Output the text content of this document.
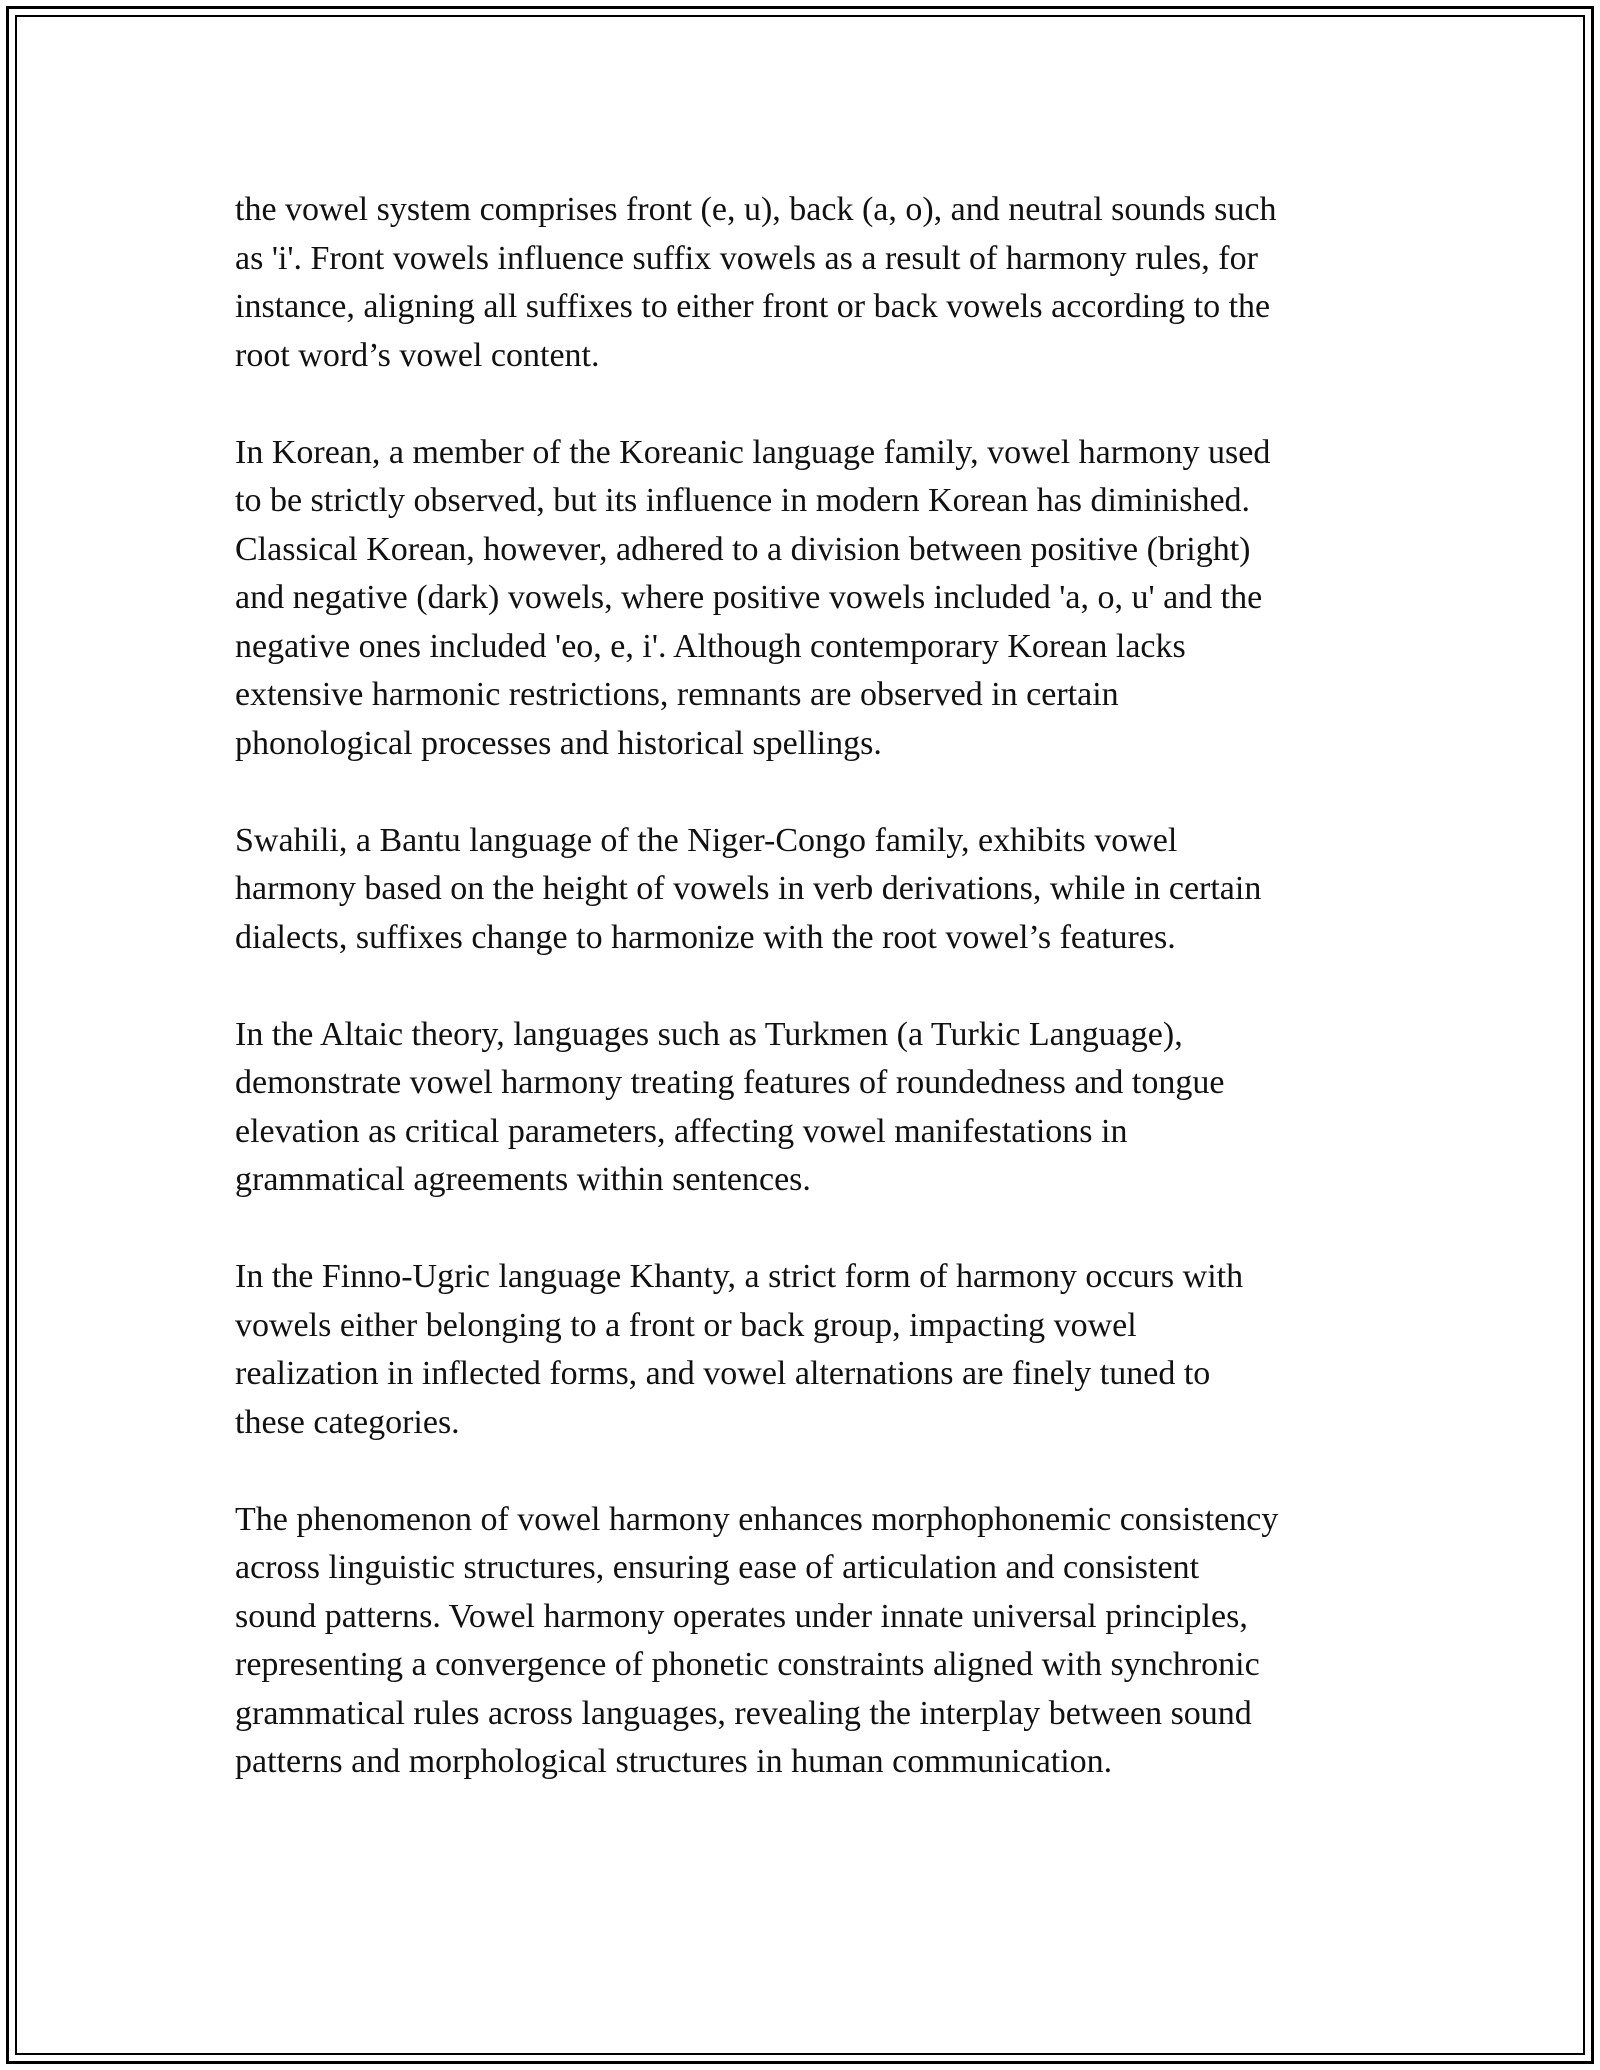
the vowel system comprises front (e, u), back (a, o), and neutral sounds such
as 'i'. Front vowels influence suffix vowels as a result of harmony rules, for
instance, aligning all suffixes to either front or back vowels according to the
root word’s vowel content.

In Korean, a member of the Koreanic language family, vowel harmony used
to be strictly observed, but its influence in modern Korean has diminished.
Classical Korean, however, adhered to a division between positive (bright)
and negative (dark) vowels, where positive vowels included 'a, o, u' and the
negative ones included 'eo, e, i'. Although contemporary Korean lacks
extensive harmonic restrictions, remnants are observed in certain
phonological processes and historical spellings.

Swahili, a Bantu language of the Niger-Congo family, exhibits vowel
harmony based on the height of vowels in verb derivations, while in certain
dialects, suffixes change to harmonize with the root vowel’s features.

In the Altaic theory, languages such as Turkmen (a Turkic Language),
demonstrate vowel harmony treating features of roundedness and tongue
elevation as critical parameters, affecting vowel manifestations in
grammatical agreements within sentences.

In the Finno-Ugric language Khanty, a strict form of harmony occurs with
vowels either belonging to a front or back group, impacting vowel
realization in inflected forms, and vowel alternations are finely tuned to
these categories.

The phenomenon of vowel harmony enhances morphophonemic consistency
across linguistic structures, ensuring ease of articulation and consistent
sound patterns. Vowel harmony operates under innate universal principles,
representing a convergence of phonetic constraints aligned with synchronic
grammatical rules across languages, revealing the interplay between sound
patterns and morphological structures in human communication.
